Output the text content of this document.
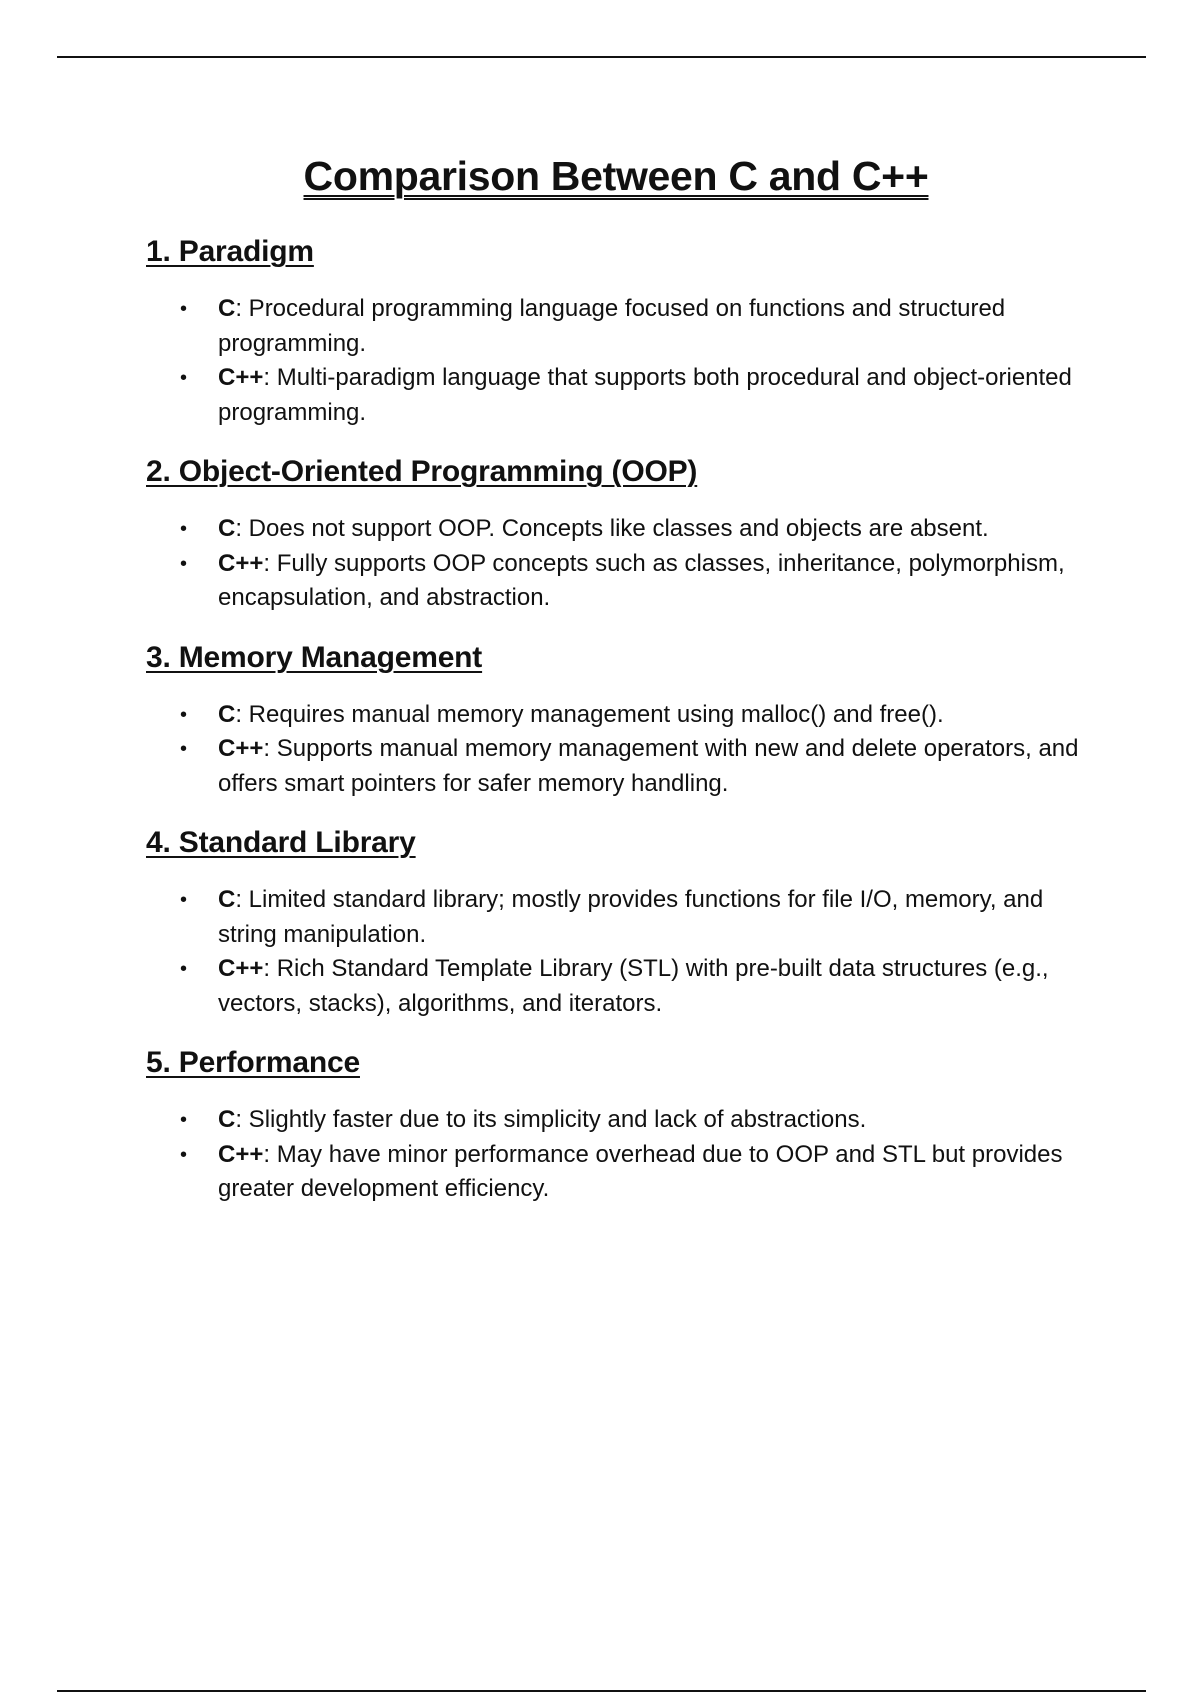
Comparison Between C and C++
1. Paradigm
• C: Procedural programming language focused on functions and structured programming.
• C++: Multi-paradigm language that supports both procedural and object-oriented programming.
2. Object-Oriented Programming (OOP)
• C: Does not support OOP. Concepts like classes and objects are absent.
• C++: Fully supports OOP concepts such as classes, inheritance, polymorphism, encapsulation, and abstraction.
3. Memory Management
• C: Requires manual memory management using malloc() and free().
• C++: Supports manual memory management with new and delete operators, and offers smart pointers for safer memory handling.
4. Standard Library
• C: Limited standard library; mostly provides functions for file I/O, memory, and string manipulation.
• C++: Rich Standard Template Library (STL) with pre-built data structures (e.g., vectors, stacks), algorithms, and iterators.
5. Performance
• C: Slightly faster due to its simplicity and lack of abstractions.
• C++: May have minor performance overhead due to OOP and STL but provides greater development efficiency.
